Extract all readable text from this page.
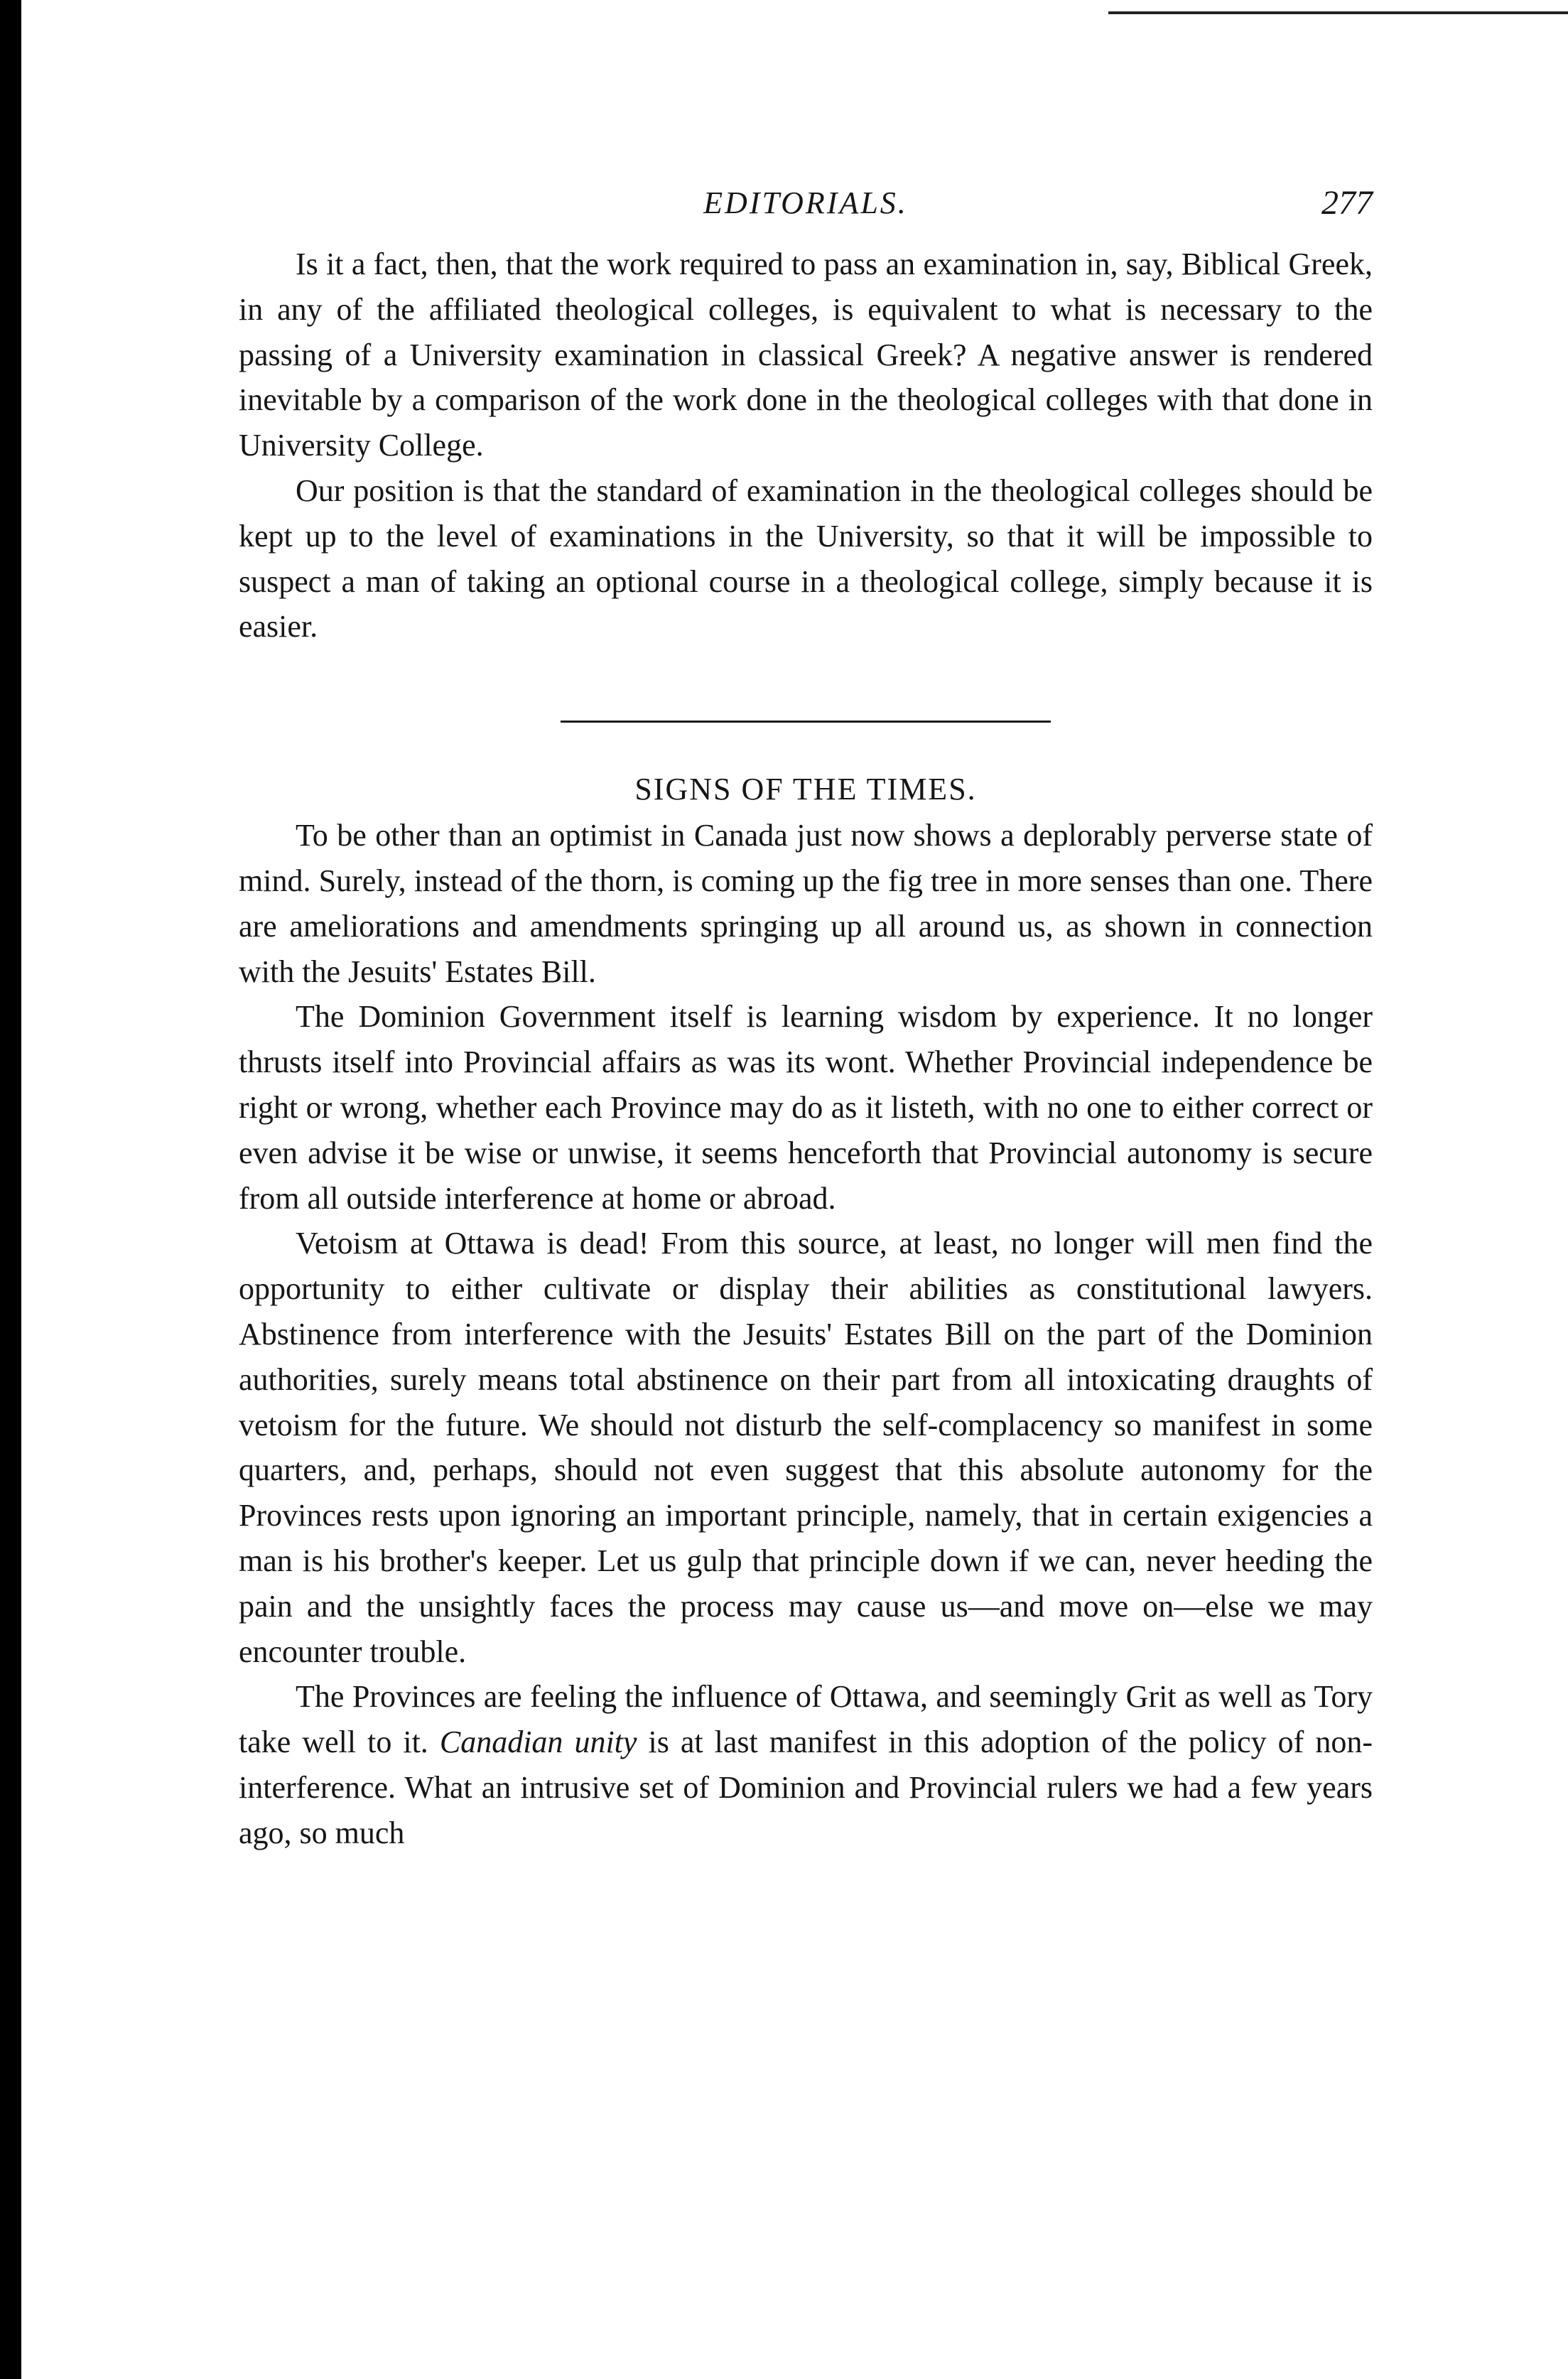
EDITORIALS.	277

Is it a fact, then, that the work required to pass an examination in, say, Biblical Greek, in any of the affiliated theological colleges, is equivalent to what is necessary to the passing of a University examination in classical Greek? A negative answer is rendered inevitable by a comparison of the work done in the theological colleges with that done in University College.

Our position is that the standard of examination in the theological colleges should be kept up to the level of examinations in the University, so that it will be impossible to suspect a man of taking an optional course in a theological college, simply because it is easier.

SIGNS OF THE TIMES.

To be other than an optimist in Canada just now shows a deplorably perverse state of mind. Surely, instead of the thorn, is coming up the fig tree in more senses than one. There are ameliorations and amendments springing up all around us, as shown in connection with the Jesuits' Estates Bill.

The Dominion Government itself is learning wisdom by experience. It no longer thrusts itself into Provincial affairs as was its wont. Whether Provincial independence be right or wrong, whether each Province may do as it listeth, with no one to either correct or even advise it be wise or unwise, it seems henceforth that Provincial autonomy is secure from all outside interference at home or abroad.

Vetoism at Ottawa is dead! From this source, at least, no longer will men find the opportunity to either cultivate or display their abilities as constitutional lawyers. Abstinence from interference with the Jesuits' Estates Bill on the part of the Dominion authorities, surely means total abstinence on their part from all intoxicating draughts of vetoism for the future. We should not disturb the self-complacency so manifest in some quarters, and, perhaps, should not even suggest that this absolute autonomy for the Provinces rests upon ignoring an important principle, namely, that in certain exigencies a man is his brother's keeper. Let us gulp that principle down if we can, never heeding the pain and the unsightly faces the process may cause us—and move on—else we may encounter trouble.

The Provinces are feeling the influence of Ottawa, and seemingly Grit as well as Tory take well to it. Canadian unity is at last manifest in this adoption of the policy of non-interference. What an intrusive set of Dominion and Provincial rulers we had a few years ago, so much
